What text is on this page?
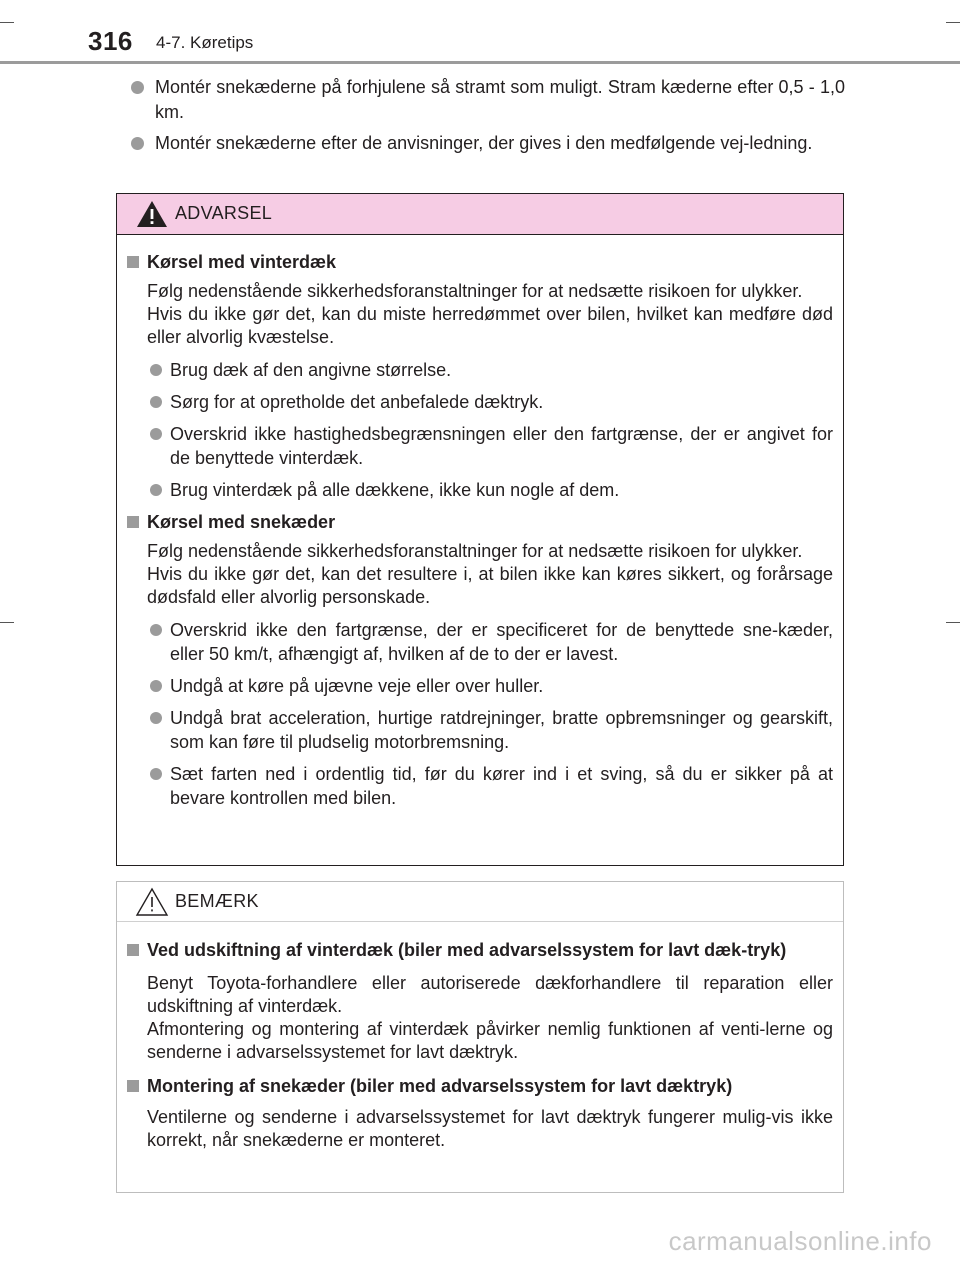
316 4-7. Køretips
Montér snekæderne på forhjulene så stramt som muligt. Stram kæderne efter 0,5 - 1,0 km.
Montér snekæderne efter de anvisninger, der gives i den medfølgende vej-ledning.
ADVARSEL
Kørsel med vinterdæk
Følg nedenstående sikkerhedsforanstaltninger for at nedsætte risikoen for ulykker.
Hvis du ikke gør det, kan du miste herredømmet over bilen, hvilket kan medføre død eller alvorlig kvæstelse.
Brug dæk af den angivne størrelse.
Sørg for at opretholde det anbefalede dæktryk.
Overskrid ikke hastighedsbegrænsningen eller den fartgrænse, der er angivet for de benyttede vinterdæk.
Brug vinterdæk på alle dækkene, ikke kun nogle af dem.
Kørsel med snekæder
Følg nedenstående sikkerhedsforanstaltninger for at nedsætte risikoen for ulykker.
Hvis du ikke gør det, kan det resultere i, at bilen ikke kan køres sikkert, og forårsage dødsfald eller alvorlig personskade.
Overskrid ikke den fartgrænse, der er specificeret for de benyttede sne-kæder, eller 50 km/t, afhængigt af, hvilken af de to der er lavest.
Undgå at køre på ujævne veje eller over huller.
Undgå brat acceleration, hurtige ratdrejninger, bratte opbremsninger og gearskift, som kan føre til pludselig motorbremsning.
Sæt farten ned i ordentlig tid, før du kører ind i et sving, så du er sikker på at bevare kontrollen med bilen.
BEMÆRK
Ved udskiftning af vinterdæk (biler med advarselssystem for lavt dæk-tryk)
Benyt Toyota-forhandlere eller autoriserede dækforhandlere til reparation eller udskiftning af vinterdæk.
Afmontering og montering af vinterdæk påvirker nemlig funktionen af venti-lerne og senderne i advarselssystemet for lavt dæktryk.
Montering af snekæder (biler med advarselssystem for lavt dæktryk)
Ventilerne og senderne i advarselssystemet for lavt dæktryk fungerer mulig-vis ikke korrekt, når snekæderne er monteret.
carmanualsonline.info
